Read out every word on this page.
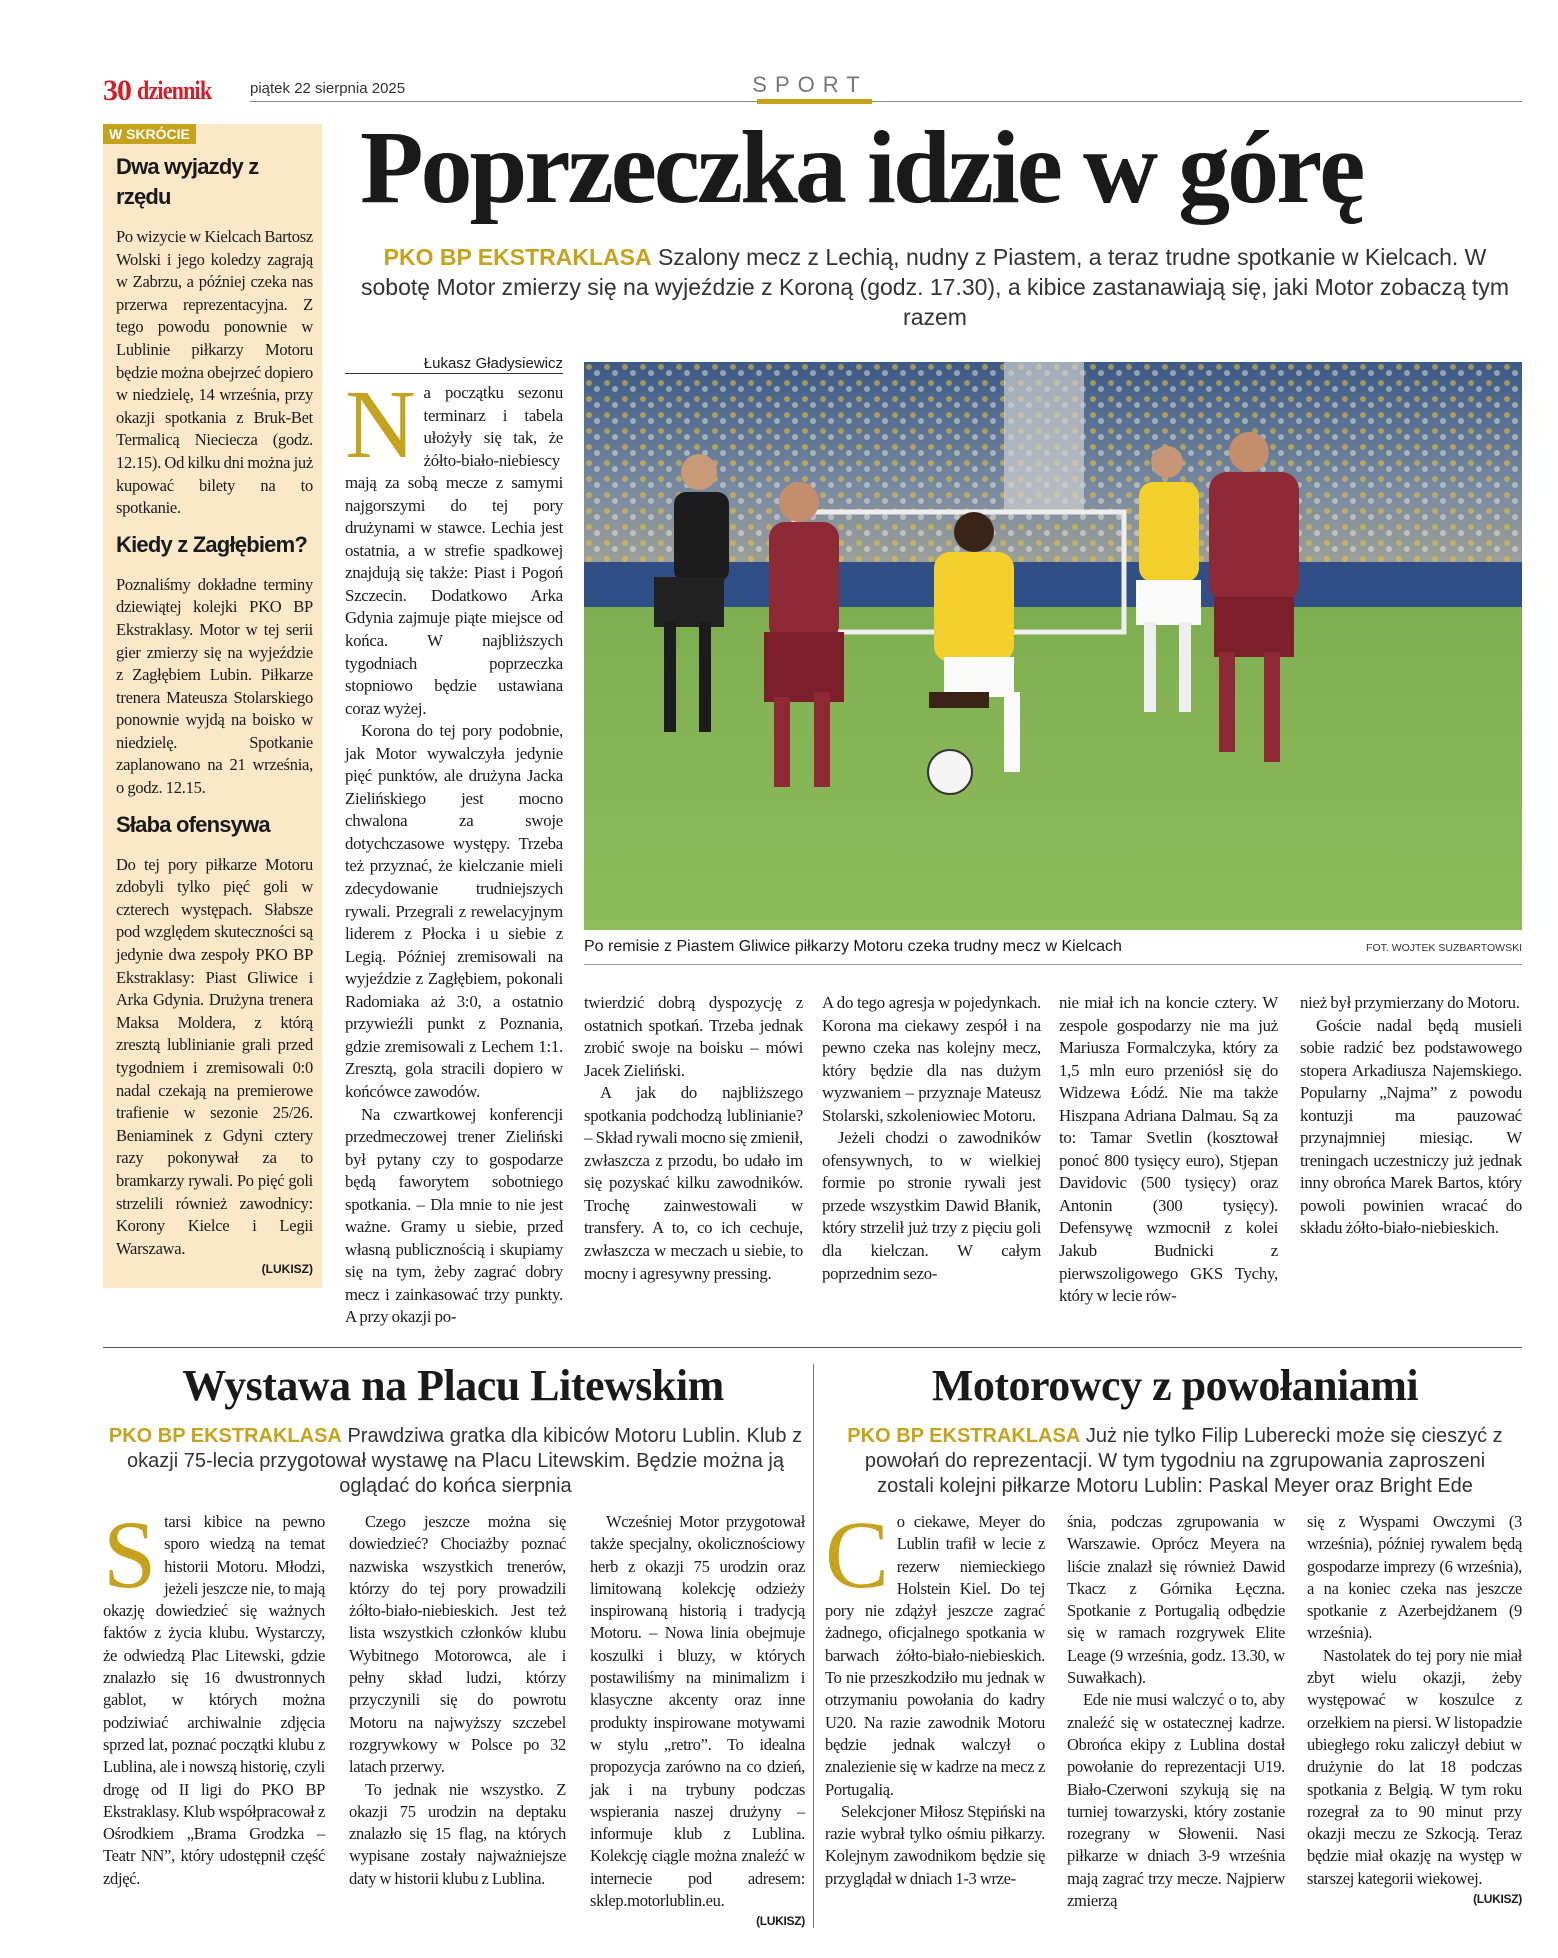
30 dziennik	piątek 22 sierpnia 2025	SPORT
W SKRÓCIE
Dwa wyjazdy z rzędu

Po wizycie w Kielcach Bartosz Wolski i jego koledzy zagrają w Zabrzu, a później czeka nas przerwa reprezentacyjna. Z tego powodu ponownie w Lublinie piłkarzy Motoru będzie można obejrzeć dopiero w niedzielę, 14 września, przy okazji spotkania z Bruk-Bet Termalicą Nieciecza (godz. 12.15). Od kilku dni można już kupować bilety na to spotkanie.

Kiedy z Zagłębiem?

Poznaliśmy dokładne terminy dziewiątej kolejki PKO BP Ekstraklasy. Motor w tej serii gier zmierzy się na wyjeździe z Zagłębiem Lubin. Piłkarze trenera Mateusza Stolarskiego ponownie wyjdą na boisko w niedzielę. Spotkanie zaplanowano na 21 września, o godz. 12.15.

Słaba ofensywa

Do tej pory piłkarze Motoru zdobyli tylko pięć goli w czterech występach. Słabsze pod względem skuteczności są jedynie dwa zespoły PKO BP Ekstraklasy: Piast Gliwice i Arka Gdynia. Drużyna trenera Maksa Moldera, z którą zresztą lublinianie grali przed tygodniem i zremisowali 0:0 nadal czekają na premierowe trafienie w sezonie 25/26. Beniaminek z Gdyni cztery razy pokonywał za to bramkarzy rywali. Po pięć goli strzelili również zawodnicy: Korony Kielce i Legii Warszawa.

(LUKISZ)
Poprzeczka idzie w górę
PKO BP EKSTRAKLASA Szalony mecz z Lechią, nudny z Piastem, a teraz trudne spotkanie w Kielcach. W sobotę Motor zmierzy się na wyjeździe z Koroną (godz. 17.30), a kibice zastanawiają się, jaki Motor zobaczą tym razem
Łukasz Gładysiewicz

Na początku sezonu terminarz i tabela ułożyły się tak, że żółto-biało-niebiescy mają za sobą mecze z samymi najgorszymi do tej pory drużynami w stawce. Lechia jest ostatnia, a w strefie spadkowej znajdują się także: Piast i Pogoń Szczecin. Dodatkowo Arka Gdynia zajmuje piąte miejsce od końca. W najbliższych tygodniach poprzeczka stopniowo będzie ustawiana coraz wyżej.

Korona do tej pory podobnie, jak Motor wywalczyła jedynie pięć punktów, ale drużyna Jacka Zielińskiego jest mocno chwalona za swoje dotychczasowe występy. Trzeba też przyznać, że kielczanie mieli zdecydowanie trudniejszych rywali. Przegrali z rewelacyjnym liderem z Płocka i u siebie z Legią. Później zremisowali na wyjeździe z Zagłębiem, pokonali Radomiaka aż 3:0, a ostatnio przywieźli punkt z Poznania, gdzie zremisowali z Lechem 1:1. Zresztą, gola stracili dopiero w końcówce zawodów.

Na czwartkowej konferencji przedmeczowej trener Zieliński był pytany czy to gospodarze będą faworytem sobotniego spotkania. – Dla mnie to nie jest ważne. Gramy u siebie, przed własną publicznością i skupiamy się na tym, żeby zagrać dobry mecz i zainkasować trzy punkty. A przy okazji po-

Po remisie z Piastem Gliwice piłkarzy Motoru czeka trudny mecz w Kielcach	FOT. WOJTEK SUZBARTOWSKI

twierdzić dobrą dyspozycję z ostatnich spotkań. Trzeba jednak zrobić swoje na boisku – mówi Jacek Zieliński.

A jak do najbliższego spotkania podchodzą lublinianie? – Skład rywali mocno się zmienił, zwłaszcza z przodu, bo udało im się pozyskać kilku zawodników. Trochę zainwestowali w transfery. A to, co ich cechuje, zwłaszcza w meczach u siebie, to mocny i agresywny pressing.

A do tego agresja w pojedynkach. Korona ma ciekawy zespół i na pewno czeka nas kolejny mecz, który będzie dla nas dużym wyzwaniem – przyznaje Mateusz Stolarski, szkoleniowiec Motoru.

Jeżeli chodzi o zawodników ofensywnych, to w wielkiej formie po stronie rywali jest przede wszystkim Dawid Błanik, który strzelił już trzy z pięciu goli dla kielczan. W całym poprzednim sezo-

nie miał ich na koncie cztery. W zespole gospodarzy nie ma już Mariusza Formalczyka, który za 1,5 mln euro przeniósł się do Widzewa Łódź. Nie ma także Hiszpana Adriana Dalmau. Są za to: Tamar Svetlin (kosztował ponoć 800 tysięcy euro), Stjepan Davidovic (500 tysięcy) oraz Antonin (300 tysięcy). Defensywę wzmocnił z kolei Jakub Budnicki z pierwszoligowego GKS Tychy, który w lecie rów-

nież był przymierzany do Motoru.

Goście nadal będą musieli sobie radzić bez podstawowego stopera Arkadiusza Najemskiego. Popularny „Najma” z powodu kontuzji ma pauzować przynajmniej miesiąc. W treningach uczestniczy już jednak inny obrońca Marek Bartos, który powoli powinien wracać do składu żółto-biało-niebieskich.

Wystawa na Placu Litewskim
PKO BP EKSTRAKLASA Prawdziwa gratka dla kibiców Motoru Lublin. Klub z okazji 75-lecia przygotował wystawę na Placu Litewskim. Będzie można ją oglądać do końca sierpnia

Starsi kibice na pewno sporo wiedzą na temat historii Motoru. Młodzi, jeżeli jeszcze nie, to mają okazję dowiedzieć się ważnych faktów z życia klubu. Wystarczy, że odwiedzą Plac Litewski, gdzie znalazło się 16 dwustronnych gablot, w których można podziwiać archiwalnie zdjęcia sprzed lat, poznać początki klubu z Lublina, ale i nowszą historię, czyli drogę od II ligi do PKO BP Ekstraklasy. Klub współpracował z Ośrodkiem „Brama Grodzka – Teatr NN”, który udostępnił część zdjęć.

Czego jeszcze można się dowiedzieć? Chociażby poznać nazwiska wszystkich trenerów, którzy do tej pory prowadzili żółto-biało-niebieskich. Jest też lista wszystkich członków klubu Wybitnego Motorowca, ale i pełny skład ludzi, którzy przyczynili się do powrotu Motoru na najwyższy szczebel rozgrywkowy w Polsce po 32 latach przerwy.

To jednak nie wszystko. Z okazji 75 urodzin na deptaku znalazło się 15 flag, na których wypisane zostały najważniejsze daty w historii klubu z Lublina.

Wcześniej Motor przygotował także specjalny, okolicznościowy herb z okazji 75 urodzin oraz limitowaną kolekcję odzieży inspirowaną historią i tradycją Motoru. – Nowa linia obejmuje koszulki i bluzy, w których postawiliśmy na minimalizm i klasyczne akcenty oraz inne produkty inspirowane motywami w stylu „retro”. To idealna propozycja zarówno na co dzień, jak i na trybuny podczas wspierania naszej drużyny – informuje klub z Lublina. Kolekcję ciągle można znaleźć w internecie pod adresem: sklep.motorlublin.eu.

(LUKISZ)
Motorowcy z powołaniami
PKO BP EKSTRAKLASA Już nie tylko Filip Luberecki może się cieszyć z powołań do reprezentacji. W tym tygodniu na zgrupowania zaproszeni zostali kolejni piłkarze Motoru Lublin: Paskal Meyer oraz Bright Ede

Co ciekawe, Meyer do Lublin trafił w lecie z rezerw niemieckiego Holstein Kiel. Do tej pory nie zdążył jeszcze zagrać żadnego, oficjalnego spotkania w barwach żółto-biało-niebieskich. To nie przeszkodziło mu jednak w otrzymaniu powołania do kadry U20. Na razie zawodnik Motoru będzie jednak walczył o znalezienie się w kadrze na mecz z Portugalią.

Selekcjoner Miłosz Stępiński na razie wybrał tylko ośmiu piłkarzy. Kolejnym zawodnikom będzie się przyglądał w dniach 1-3 wrze-

śnia, podczas zgrupowania w Warszawie. Oprócz Meyera na liście znalazł się również Dawid Tkacz z Górnika Łęczna. Spotkanie z Portugalią odbędzie się w ramach rozgrywek Elite Leage (9 września, godz. 13.30, w Suwałkach).

Ede nie musi walczyć o to, aby znaleźć się w ostatecznej kadrze. Obrońca ekipy z Lublina dostał powołanie do reprezentacji U19. Biało-Czerwoni szykują się na turniej towarzyski, który zostanie rozegrany w Słowenii. Nasi piłkarze w dniach 3-9 września mają zagrać trzy mecze. Najpierw zmierzą

się z Wyspami Owczymi (3 września), później rywalem będą gospodarze imprezy (6 września), a na koniec czeka nas jeszcze spotkanie z Azerbejdżanem (9 września).

Nastolatek do tej pory nie miał zbyt wielu okazji, żeby występować w koszulce z orzełkiem na piersi. W listopadzie ubiegłego roku zaliczył debiut w drużynie do lat 18 podczas spotkania z Belgią. W tym roku rozegrał za to 90 minut przy okazji meczu ze Szkocją. Teraz będzie miał okazję na występ w starszej kategorii wiekowej.

(LUKISZ)
